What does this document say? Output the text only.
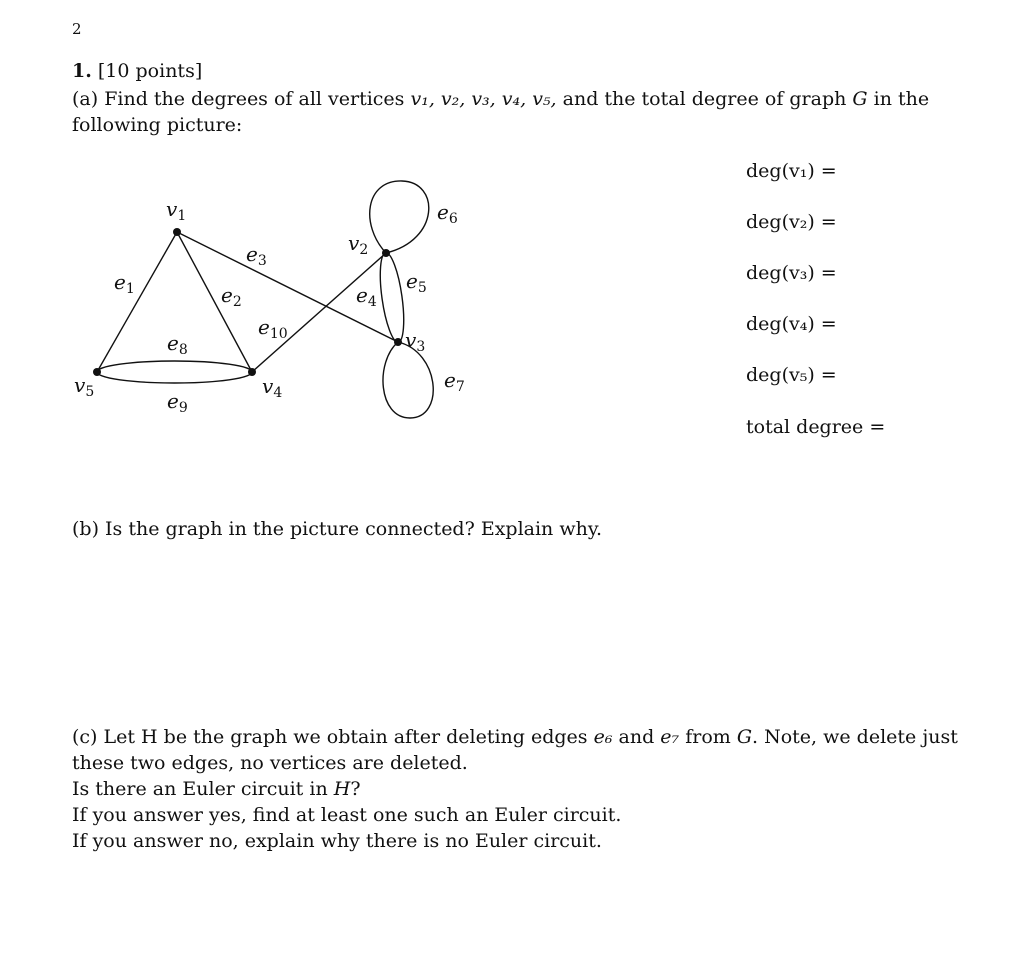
2
1. [10 points]
(a) Find the degrees of all vertices v₁, v₂, v₃, v₄, v₅, and the total degree of graph G in the
following picture:
$v_1$
$v_2$
$v_3$
$v_4$
$v_5$
$e_1$	$e_2$
$e_3$
$e_4$
$e_5$
$e_6$
$e_7$
$e_8$
$e_9$
$e_{10}$
deg(v₁) =
deg(v₂) =
deg(v₃) =
deg(v₄) =
deg(v₅) =
total degree =
(b) Is the graph in the picture connected? Explain why.
(c) Let H be the graph we obtain after deleting edges e₆ and e₇ from G. Note, we delete just
these two edges, no vertices are deleted.
Is there an Euler circuit in H?
If you answer yes, find at least one such an Euler circuit.
If you answer no, explain why there is no Euler circuit.
